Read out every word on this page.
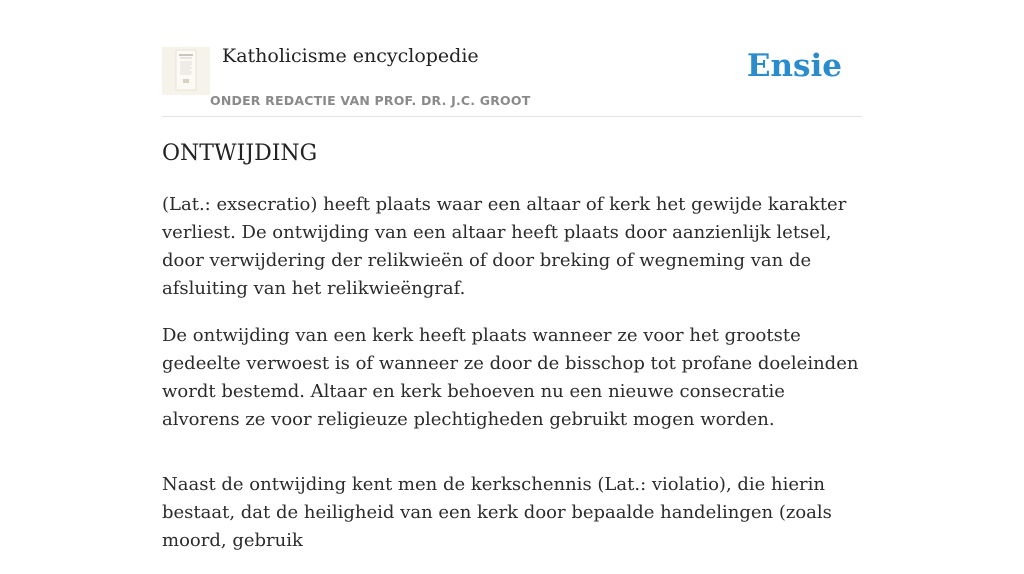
Katholicisme encyclopedie
ONDER REDACTIE VAN PROF. DR. J.C. GROOT
Ensie
ONTWIJDING

(Lat.: exsecratio) heeft plaats waar een altaar of kerk het gewijde karakter verliest. De ontwijding van een altaar heeft plaats door aanzienlijk letsel, door verwijdering der relikwieën of door breking of wegneming van de afsluiting van het relikwieëngraf.

De ontwijding van een kerk heeft plaats wanneer ze voor het grootste gedeelte verwoest is of wanneer ze door de bisschop tot profane doeleinden wordt bestemd. Altaar en kerk behoeven nu een nieuwe consecratie alvorens ze voor religieuze plechtigheden gebruikt mogen worden.

Naast de ontwijding kent men de kerkschennis (Lat.: violatio), die hierin bestaat, dat de heiligheid van een kerk door bepaalde handelingen (zoals moord, gebruik
